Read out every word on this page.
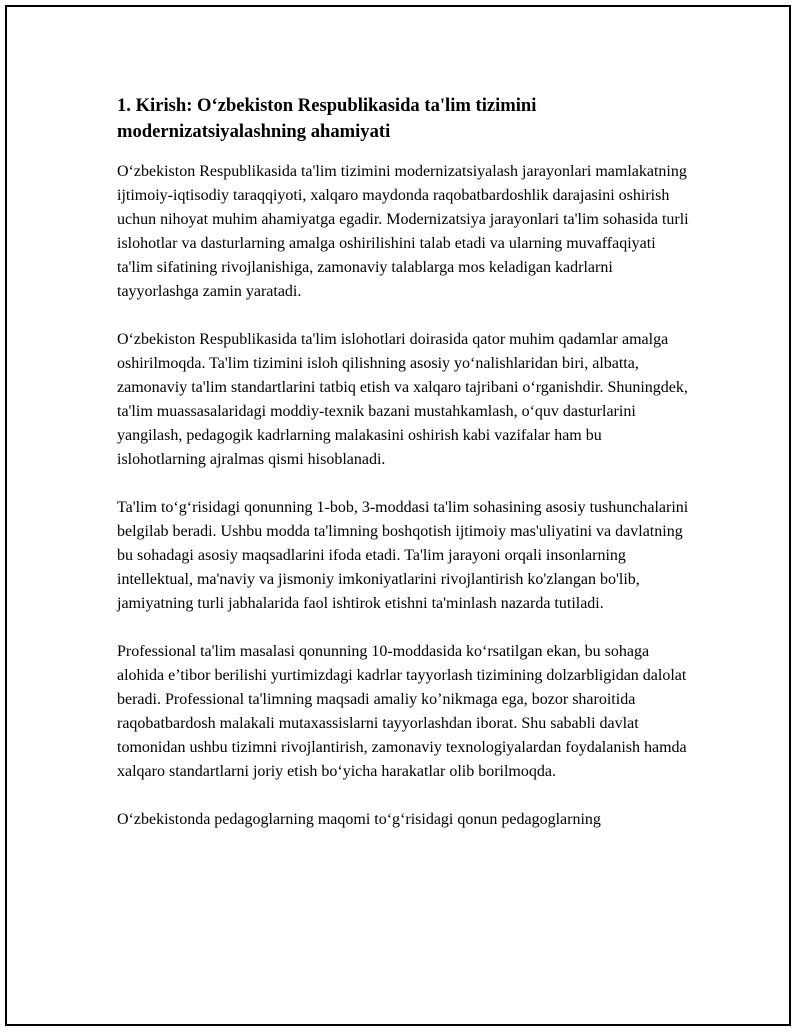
1. Kirish: O‘zbekiston Respublikasida ta'lim tizimini modernizatsiyalashning ahamiyati

O‘zbekiston Respublikasida ta'lim tizimini modernizatsiyalash jarayonlari mamlakatning ijtimoiy-iqtisodiy taraqqiyoti, xalqaro maydonda raqobatbardoshlik darajasini oshirish uchun nihoyat muhim ahamiyatga egadir. Modernizatsiya jarayonlari ta'lim sohasida turli islohotlar va dasturlarning amalga oshirilishini talab etadi va ularning muvaffaqiyati ta'lim sifatining rivojlanishiga, zamonaviy talablarga mos keladigan kadrlarni tayyorlashga zamin yaratadi.

O‘zbekiston Respublikasida ta'lim islohotlari doirasida qator muhim qadamlar amalga oshirilmoqda. Ta'lim tizimini isloh qilishning asosiy yo‘nalishlaridan biri, albatta, zamonaviy ta'lim standartlarini tatbiq etish va xalqaro tajribani o‘rganishdir. Shuningdek, ta'lim muassasalaridagi moddiy-texnik bazani mustahkamlash, o‘quv dasturlarini yangilash, pedagogik kadrlarning malakasini oshirish kabi vazifalar ham bu islohotlarning ajralmas qismi hisoblanadi.

Ta'lim to‘g‘risidagi qonunning 1-bob, 3-moddasi ta'lim sohasining asosiy tushunchalarini belgilab beradi. Ushbu modda ta'limning boshqotish ijtimoiy mas'uliyatini va davlatning bu sohadagi asosiy maqsadlarini ifoda etadi. Ta'lim jarayoni orqali insonlarning intellektual, ma'naviy va jismoniy imkoniyatlarini rivojlantirish ko'zlangan bo'lib, jamiyatning turli jabhalarida faol ishtirok etishni ta'minlash nazarda tutiladi.

Professional ta'lim masalasi qonunning 10-moddasida ko‘rsatilgan ekan, bu sohaga alohida e’tibor berilishi yurtimizdagi kadrlar tayyorlash tizimining dolzarbligidan dalolat beradi. Professional ta'limning maqsadi amaliy ko’nikmaga ega, bozor sharoitida raqobatbardosh malakali mutaxassislarni tayyorlashdan iborat. Shu sababli davlat tomonidan ushbu tizimni rivojlantirish, zamonaviy texnologiyalardan foydalanish hamda xalqaro standartlarni joriy etish bo‘yicha harakatlar olib borilmoqda.

O‘zbekistonda pedagoglarning maqomi to‘g‘risidagi qonun pedagoglarning
